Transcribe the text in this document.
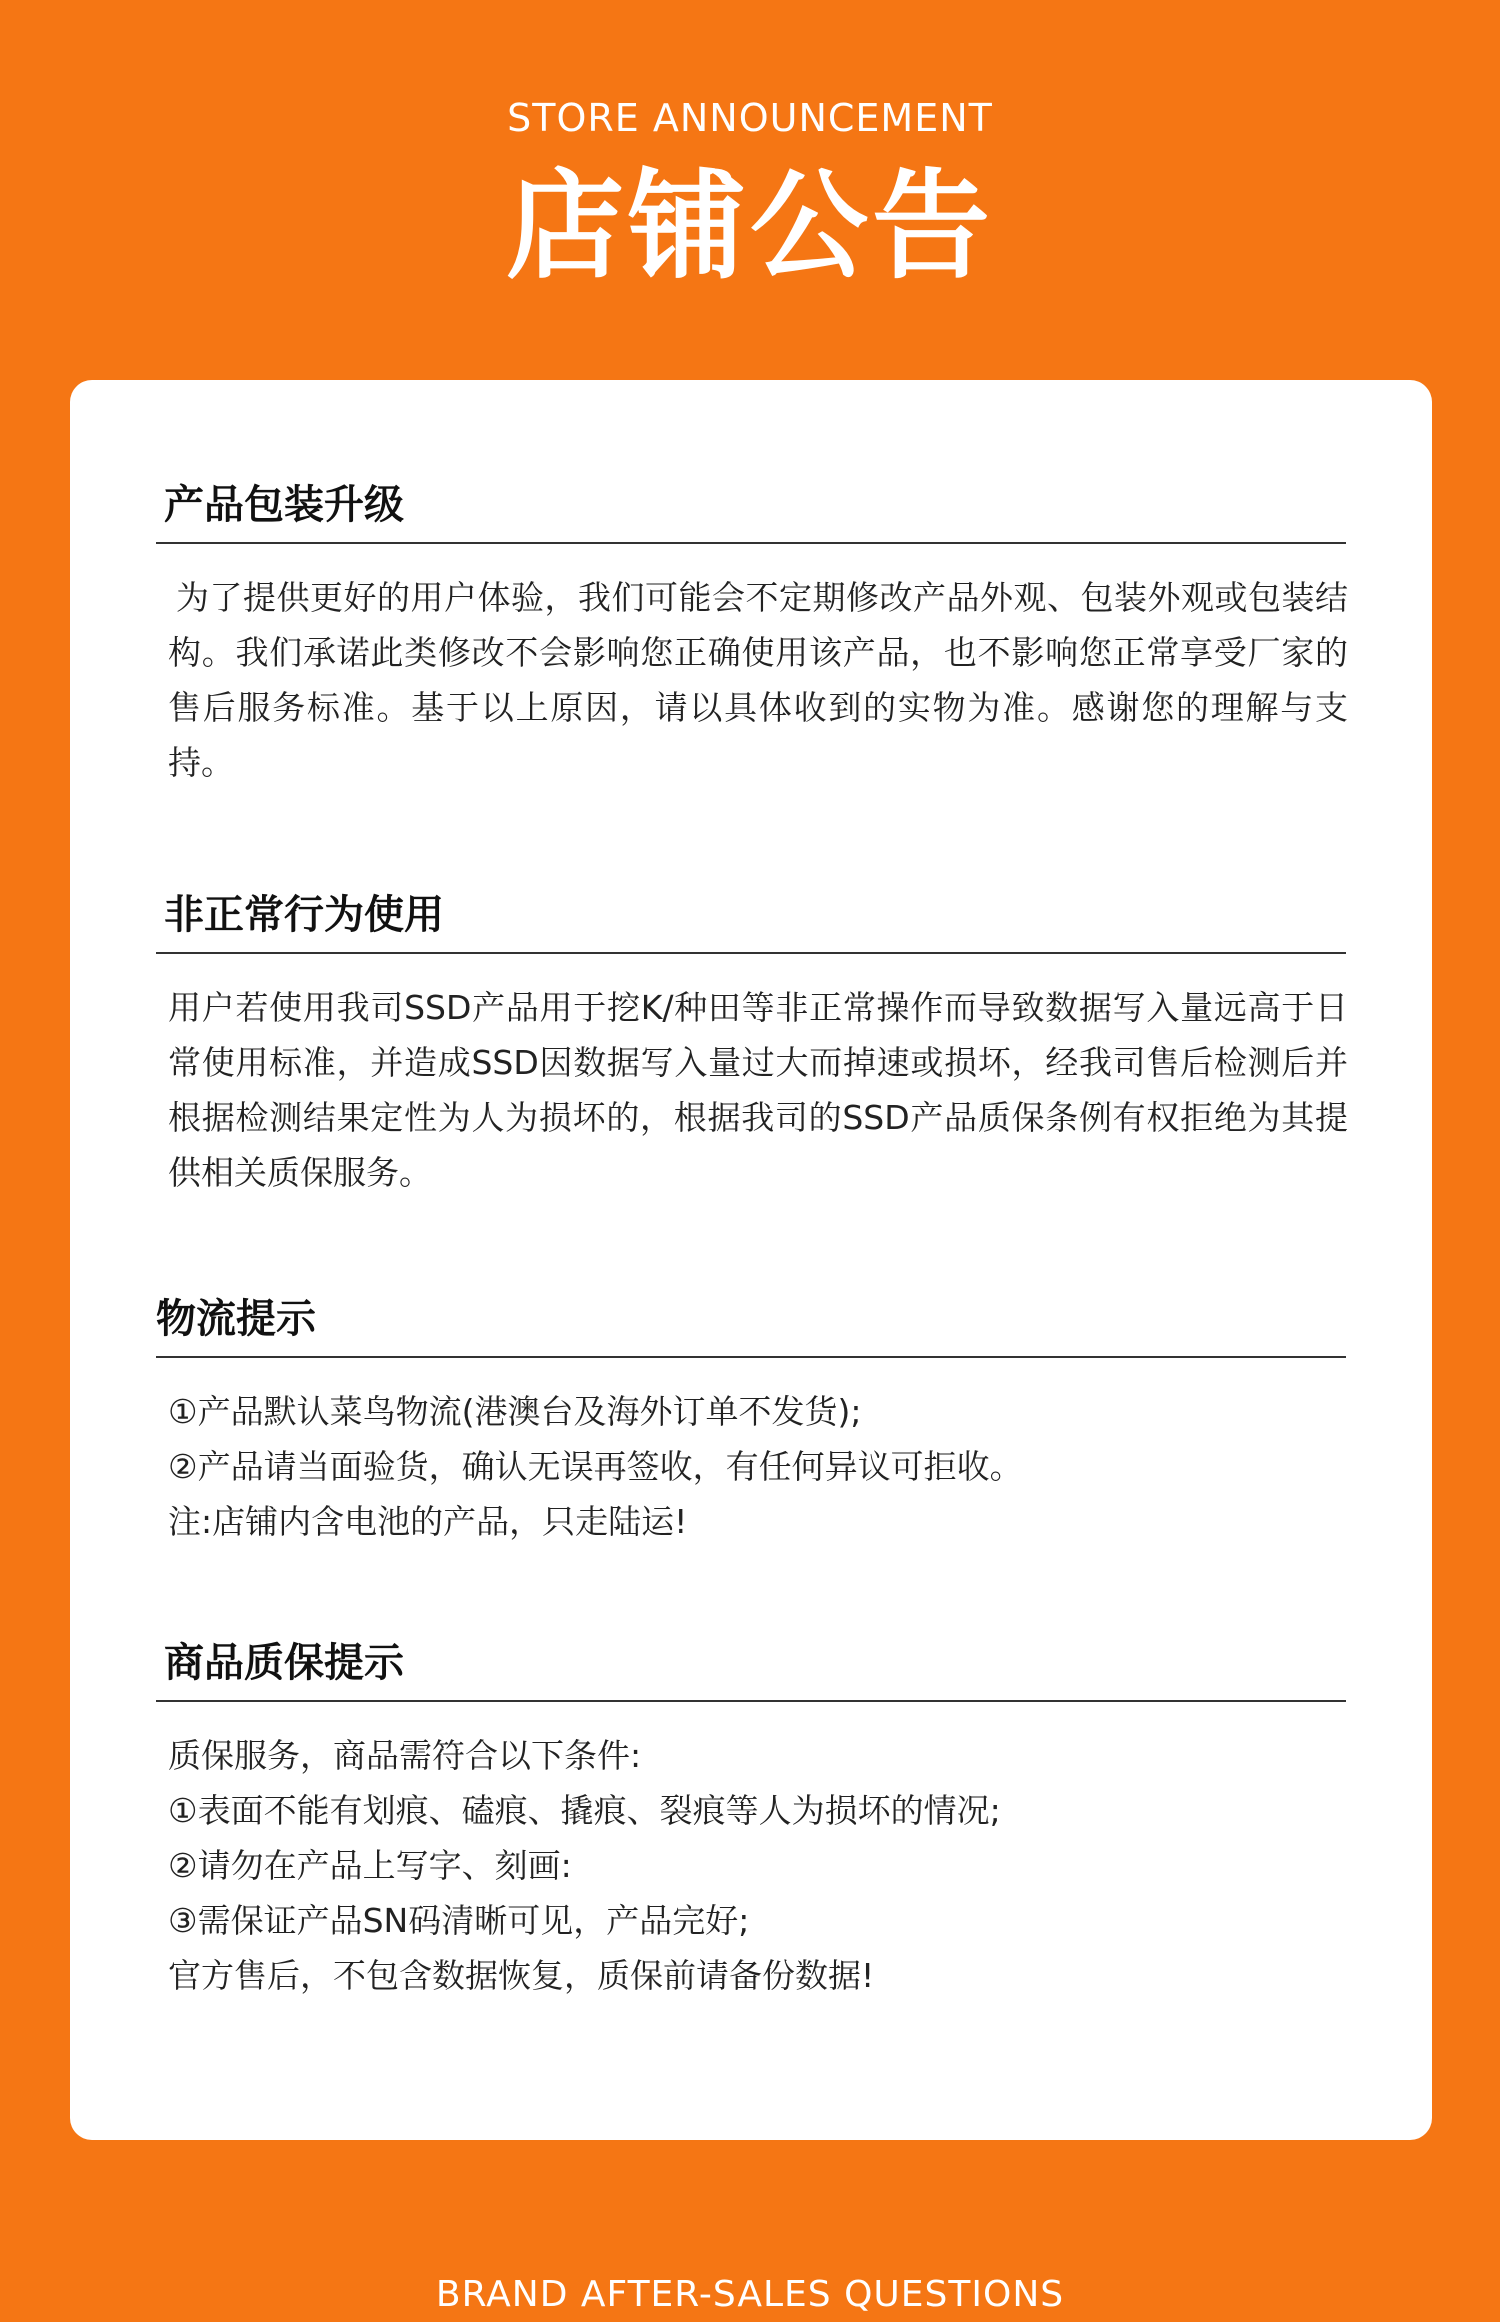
STORE ANNOUNCEMENT
店铺公告
产品包装升级
为了提供更好的用户体验，我们可能会不定期修改产品外观、包装外观或包装结构。我们承诺此类修改不会影响您正确使用该产品，也不影响您正常享受厂家的售后服务标准。基于以上原因，请以具体收到的实物为准。感谢您的理解与支持。
非正常行为使用
用户若使用我司SSD产品用于挖K/种田等非正常操作而导致数据写入量远高于日常使用标准，并造成SSD因数据写入量过大而掉速或损坏，经我司售后检测后并根据检测结果定性为人为损坏的，根据我司的SSD产品质保条例有权拒绝为其提供相关质保服务。
物流提示
①产品默认菜鸟物流(港澳台及海外订单不发货);
②产品请当面验货，确认无误再签收，有任何异议可拒收。
注:店铺内含电池的产品，只走陆运!
商品质保提示
质保服务，商品需符合以下条件:
①表面不能有划痕、磕痕、撬痕、裂痕等人为损坏的情况;
②请勿在产品上写字、刻画:
③需保证产品SN码清晰可见，产品完好;
官方售后，不包含数据恢复，质保前请备份数据!
BRAND AFTER-SALES QUESTIONS
